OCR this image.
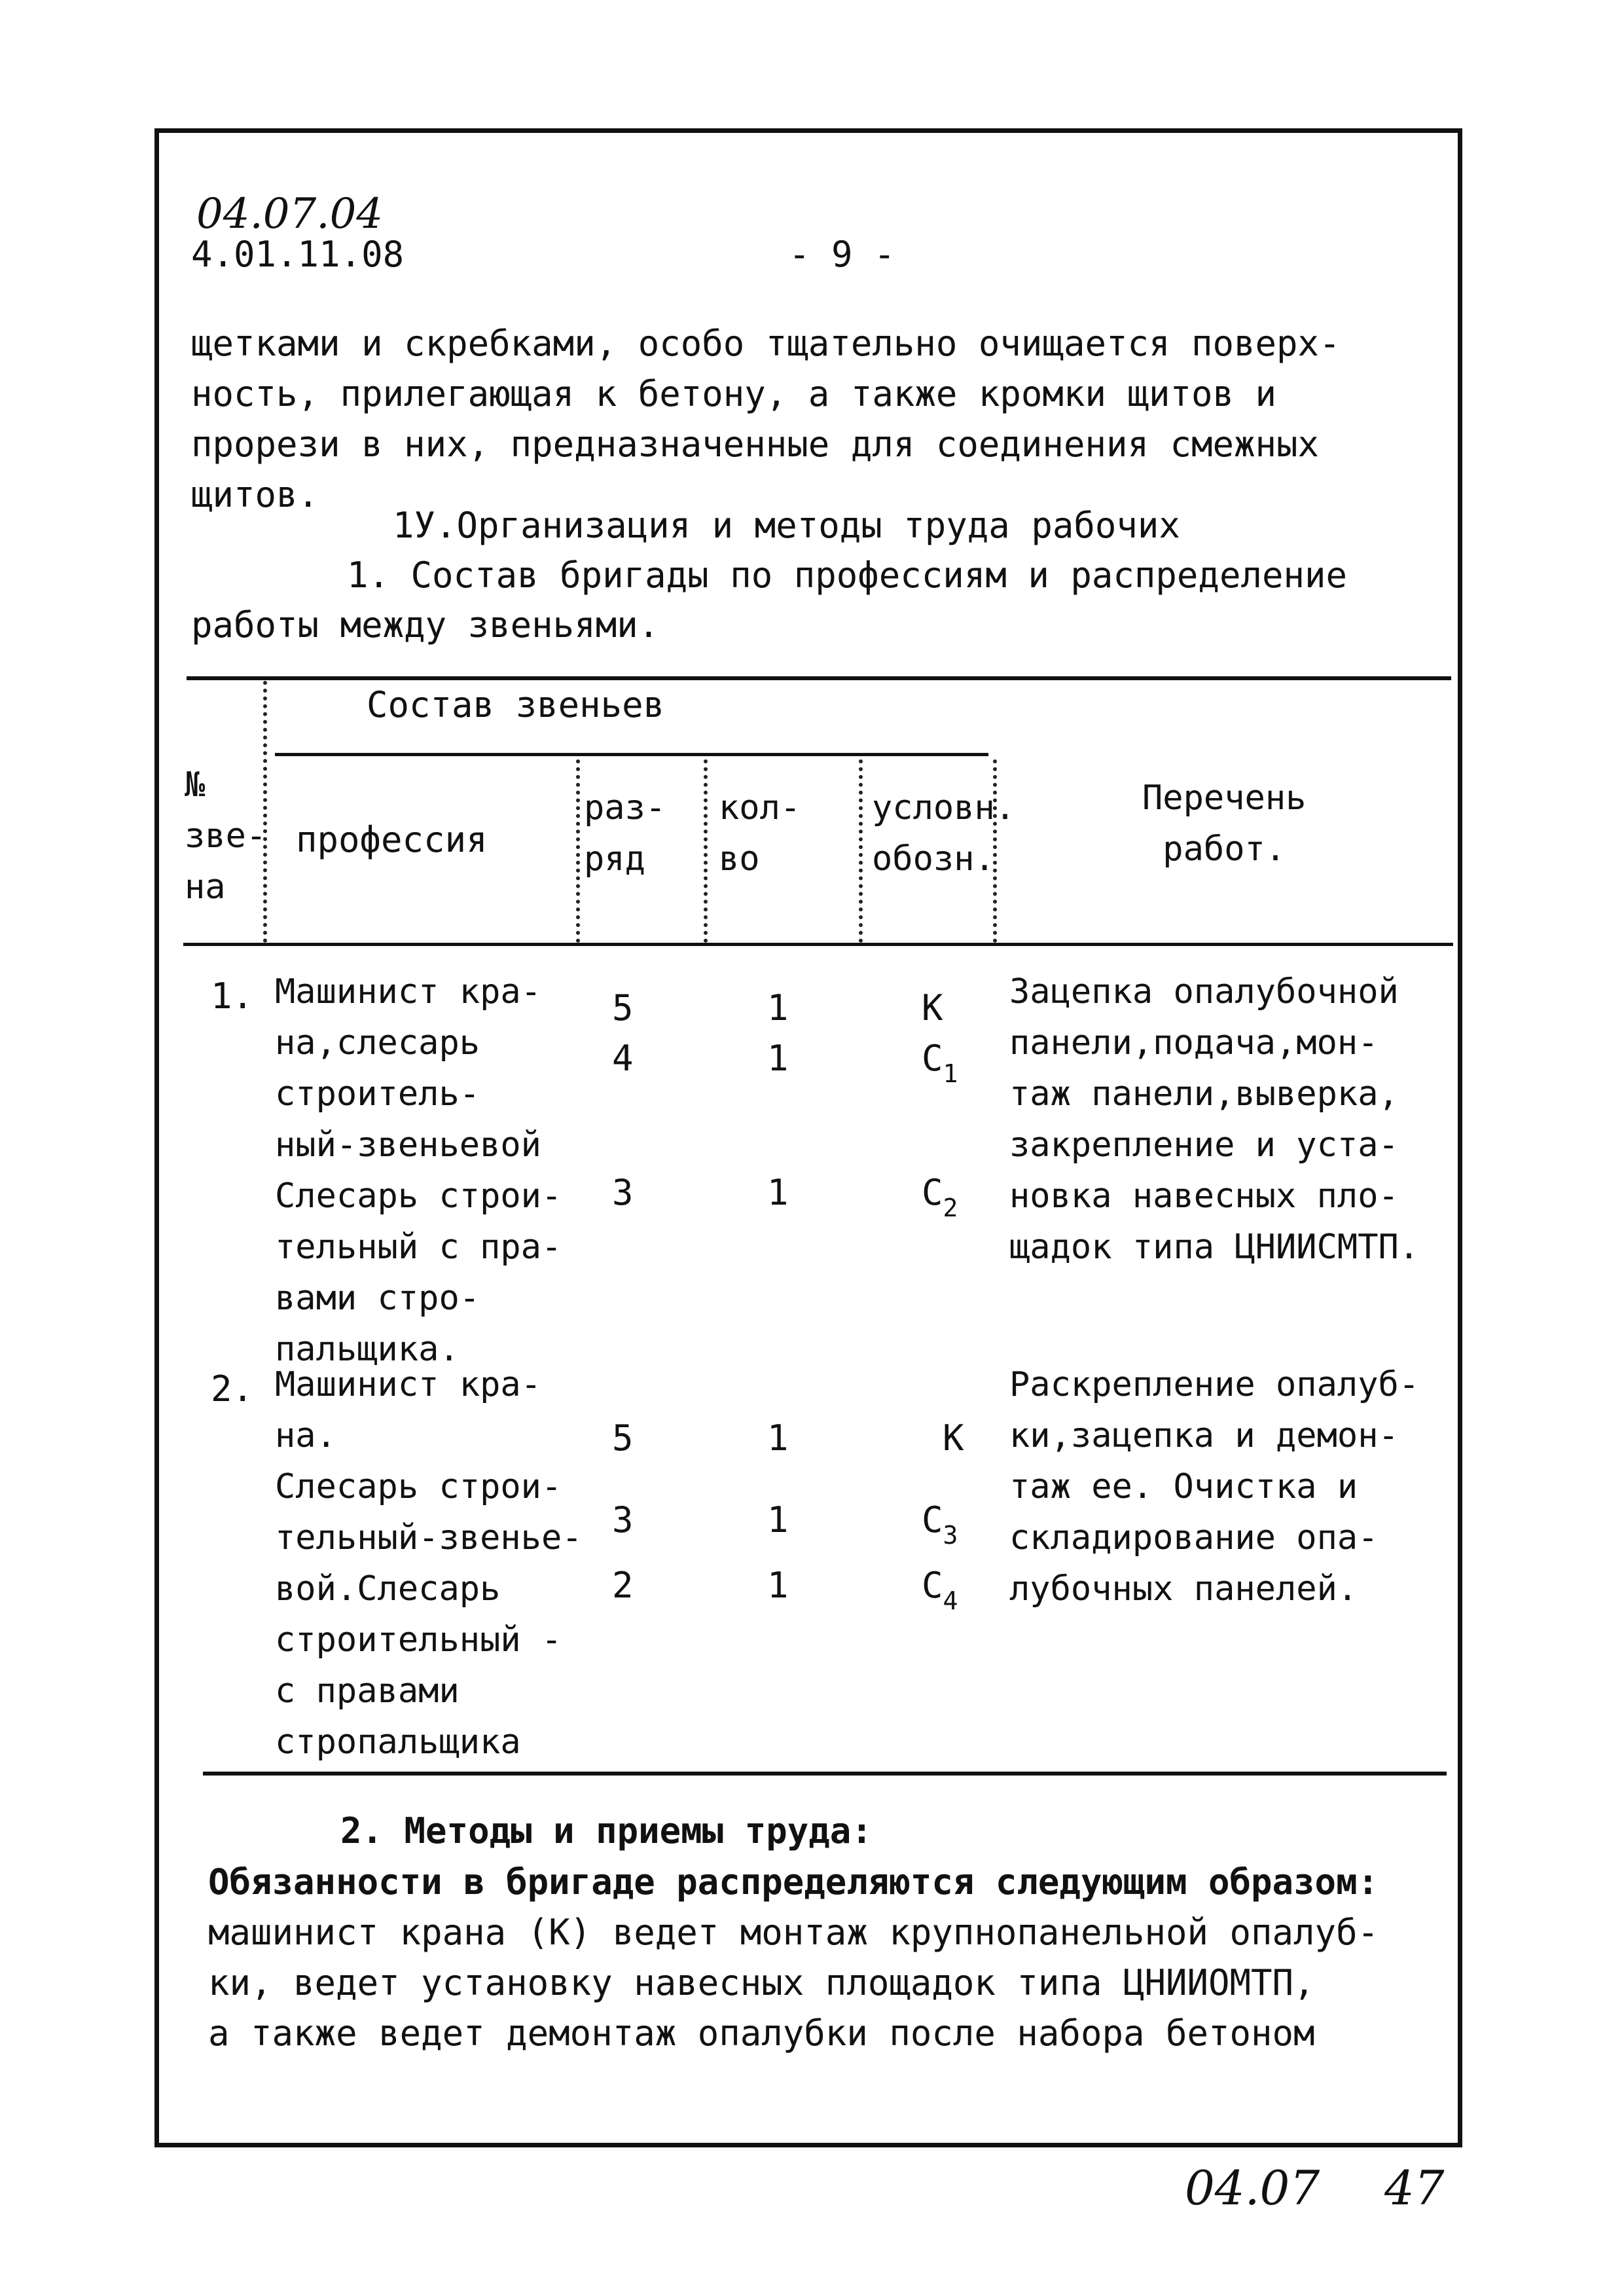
04.07.04
4.01.11.08	- 9 -
щетками и скребками, особо тщательно очищается поверх-
ность, прилегающая к бетону, а также кромки щитов и
прорези в них, предназначенные для соединения смежных
щитов.
1У.Организация и методы труда рабочих
1. Состав бригады по профессиям и распределение
работы между звеньями.
Состав звеньев
№
зве-
на
профессия
раз-
ряд
кол-
во
условн.
обозн.
Перечень
работ.
1. Машинист кра-
на,слесарь
строитель-
ный-звеньевой
Слесарь строи-
тельный с пра-
вами стро-
пальщика.
5
4
3
1
1
1
К
$С_1$
$С_2$
Зацепка опалубочной
панели,подача,мон-
таж панели,выверка,
закрепление и уста-
новка навесных пло-
щадок типа ЦНИИСМТП.
2. Машинист кра-
на.
Слесарь строи-
тельный-звенье-
вой.Слесарь
строительный -
с правами
стропальщика
5
3
2
1
1
1
К
$С_3$
$С_4$
Раскрепление опалуб-
ки,зацепка и демон-
таж ее. Очистка и
складирование опа-
лубочных панелей.
2. Методы и приемы труда:
Обязанности в бригаде распределяются следующим образом:
машинист крана (К) ведет монтаж крупнопанельной опалуб-
ки, ведет установку навесных площадок типа ЦНИИОМТП,
а также ведет демонтаж опалубки после набора бетоном
04.07 47
